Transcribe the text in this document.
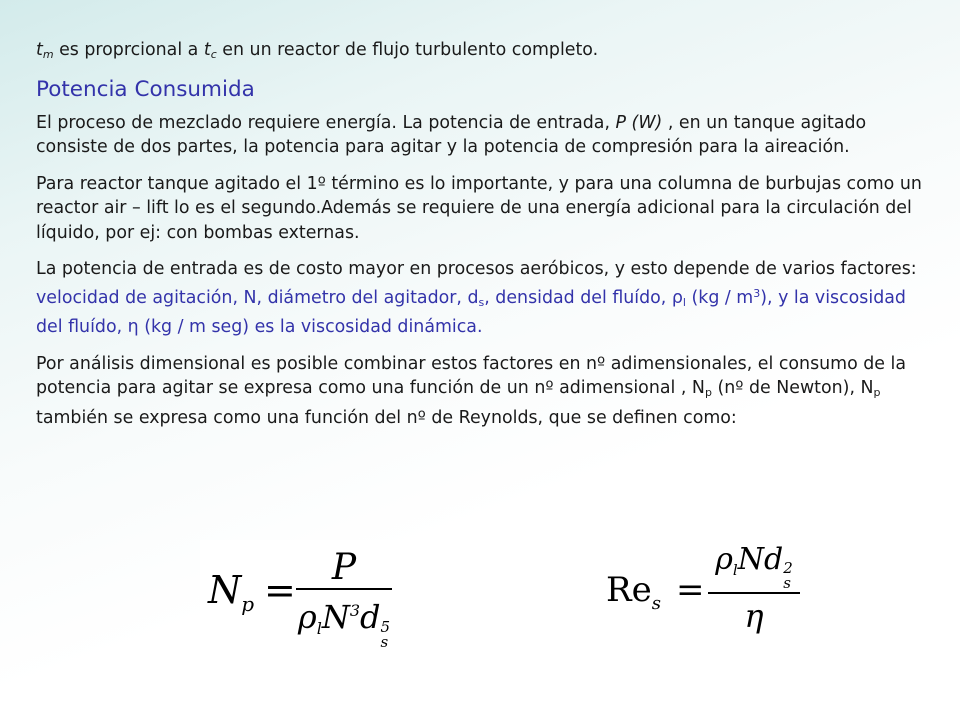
$t_m$ es proprcional a $t_c$ en un reactor de flujo turbulento completo.

Potencia Consumida

El proceso de mezclado requiere energía. La potencia de entrada, P (W) , en un tanque agitado consiste de dos partes, la potencia para agitar y la potencia de compresión para la aireación.

Para reactor tanque agitado el 1º término es lo importante, y para una columna de burbujas como un reactor air – lift lo es el segundo.Además se requiere de una energía adicional para la circulación del líquido, por ej: con bombas externas.

La potencia de entrada es de costo mayor en procesos aeróbicos, y esto depende de varios factores: velocidad de agitación, N, diámetro del agitador, $d_s$, densidad del fluído, $\rho_l$ $(kg / m^3)$, y la viscosidad del fluído, η (kg / m seg) es la viscosidad dinámica.

Por análisis dimensional es posible combinar estos factores en nº adimensionales, el consumo de la potencia para agitar se expresa como una función de un nº adimensional , $N_p$ (nº de Newton), $N_p$ también se expresa como una función del nº de Reynolds, que se definen como:

$N_p$ =
P
ρlN$^3$d 5
s
$Re_s$ =
$\rho_lNd$ 2
s
η
